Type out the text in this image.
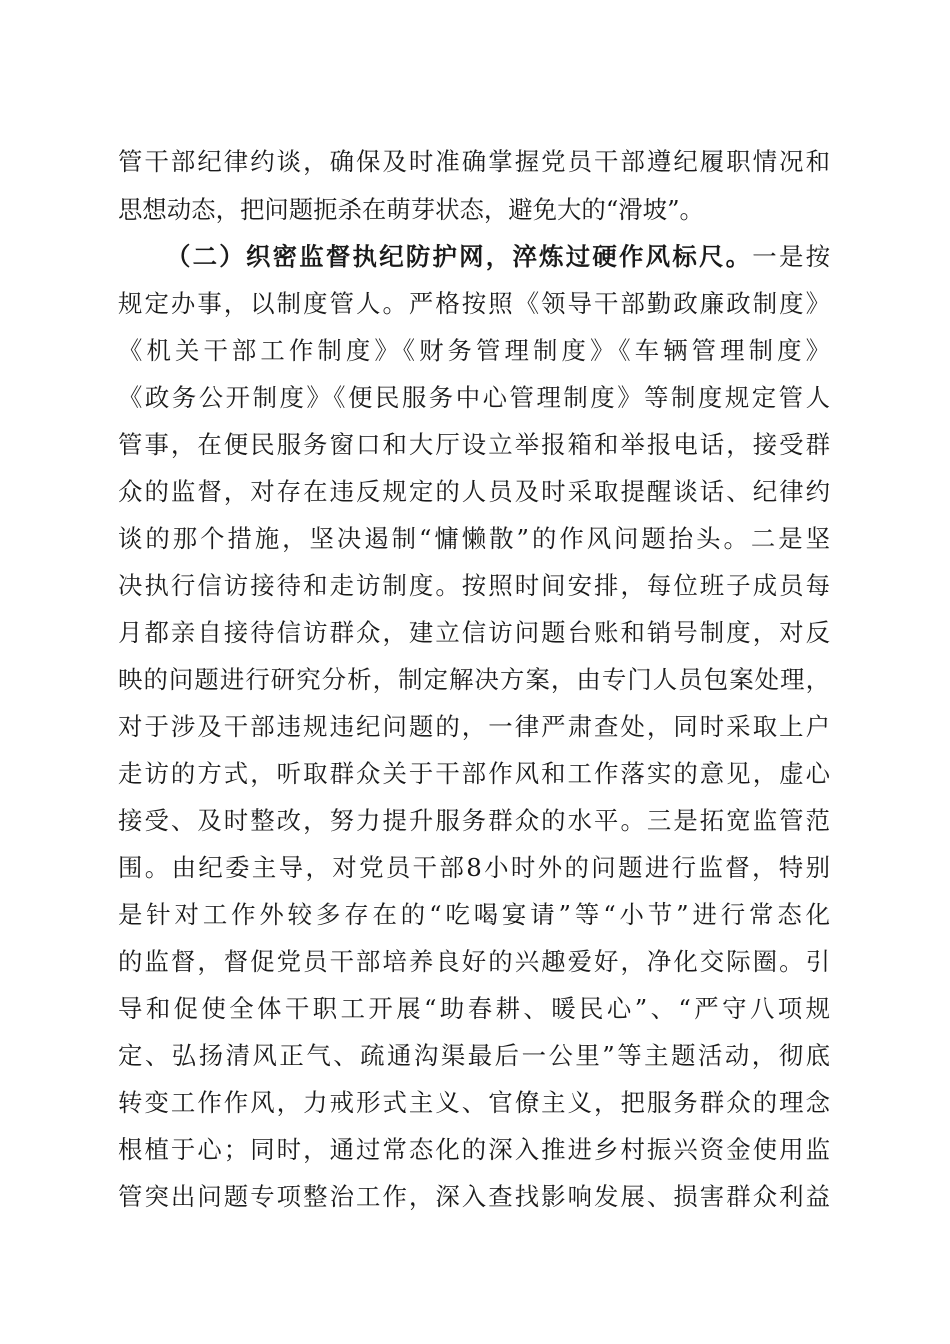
管干部纪律约谈，确保及时准确掌握党员干部遵纪履职情况和
思想动态，把问题扼杀在萌芽状态，避免大的“滑坡”。
（二）织密监督执纪防护网，淬炼过硬作风标尺。一是按
规定办事，以制度管人。严格按照《领导干部勤政廉政制度》
《机关干部工作制度》《财务管理制度》《车辆管理制度》
《政务公开制度》《便民服务中心管理制度》等制度规定管人
管事，在便民服务窗口和大厅设立举报箱和举报电话，接受群
众的监督，对存在违反规定的人员及时采取提醒谈话、纪律约
谈的那个措施，坚决遏制“慵懒散”的作风问题抬头。二是坚
决执行信访接待和走访制度。按照时间安排，每位班子成员每
月都亲自接待信访群众，建立信访问题台账和销号制度，对反
映的问题进行研究分析，制定解决方案，由专门人员包案处理，
对于涉及干部违规违纪问题的，一律严肃查处，同时采取上户
走访的方式，听取群众关于干部作风和工作落实的意见，虚心
接受、及时整改，努力提升服务群众的水平。三是拓宽监管范
围。由纪委主导，对党员干部8小时外的问题进行监督，特别
是针对工作外较多存在的“吃喝宴请”等“小节”进行常态化
的监督，督促党员干部培养良好的兴趣爱好，净化交际圈。引
导和促使全体干职工开展“助春耕、暖民心”、“严守八项规
定、弘扬清风正气、疏通沟渠最后一公里”等主题活动，彻底
转变工作作风，力戒形式主义、官僚主义，把服务群众的理念
根植于心；同时，通过常态化的深入推进乡村振兴资金使用监
管突出问题专项整治工作，深入查找影响发展、损害群众利益
